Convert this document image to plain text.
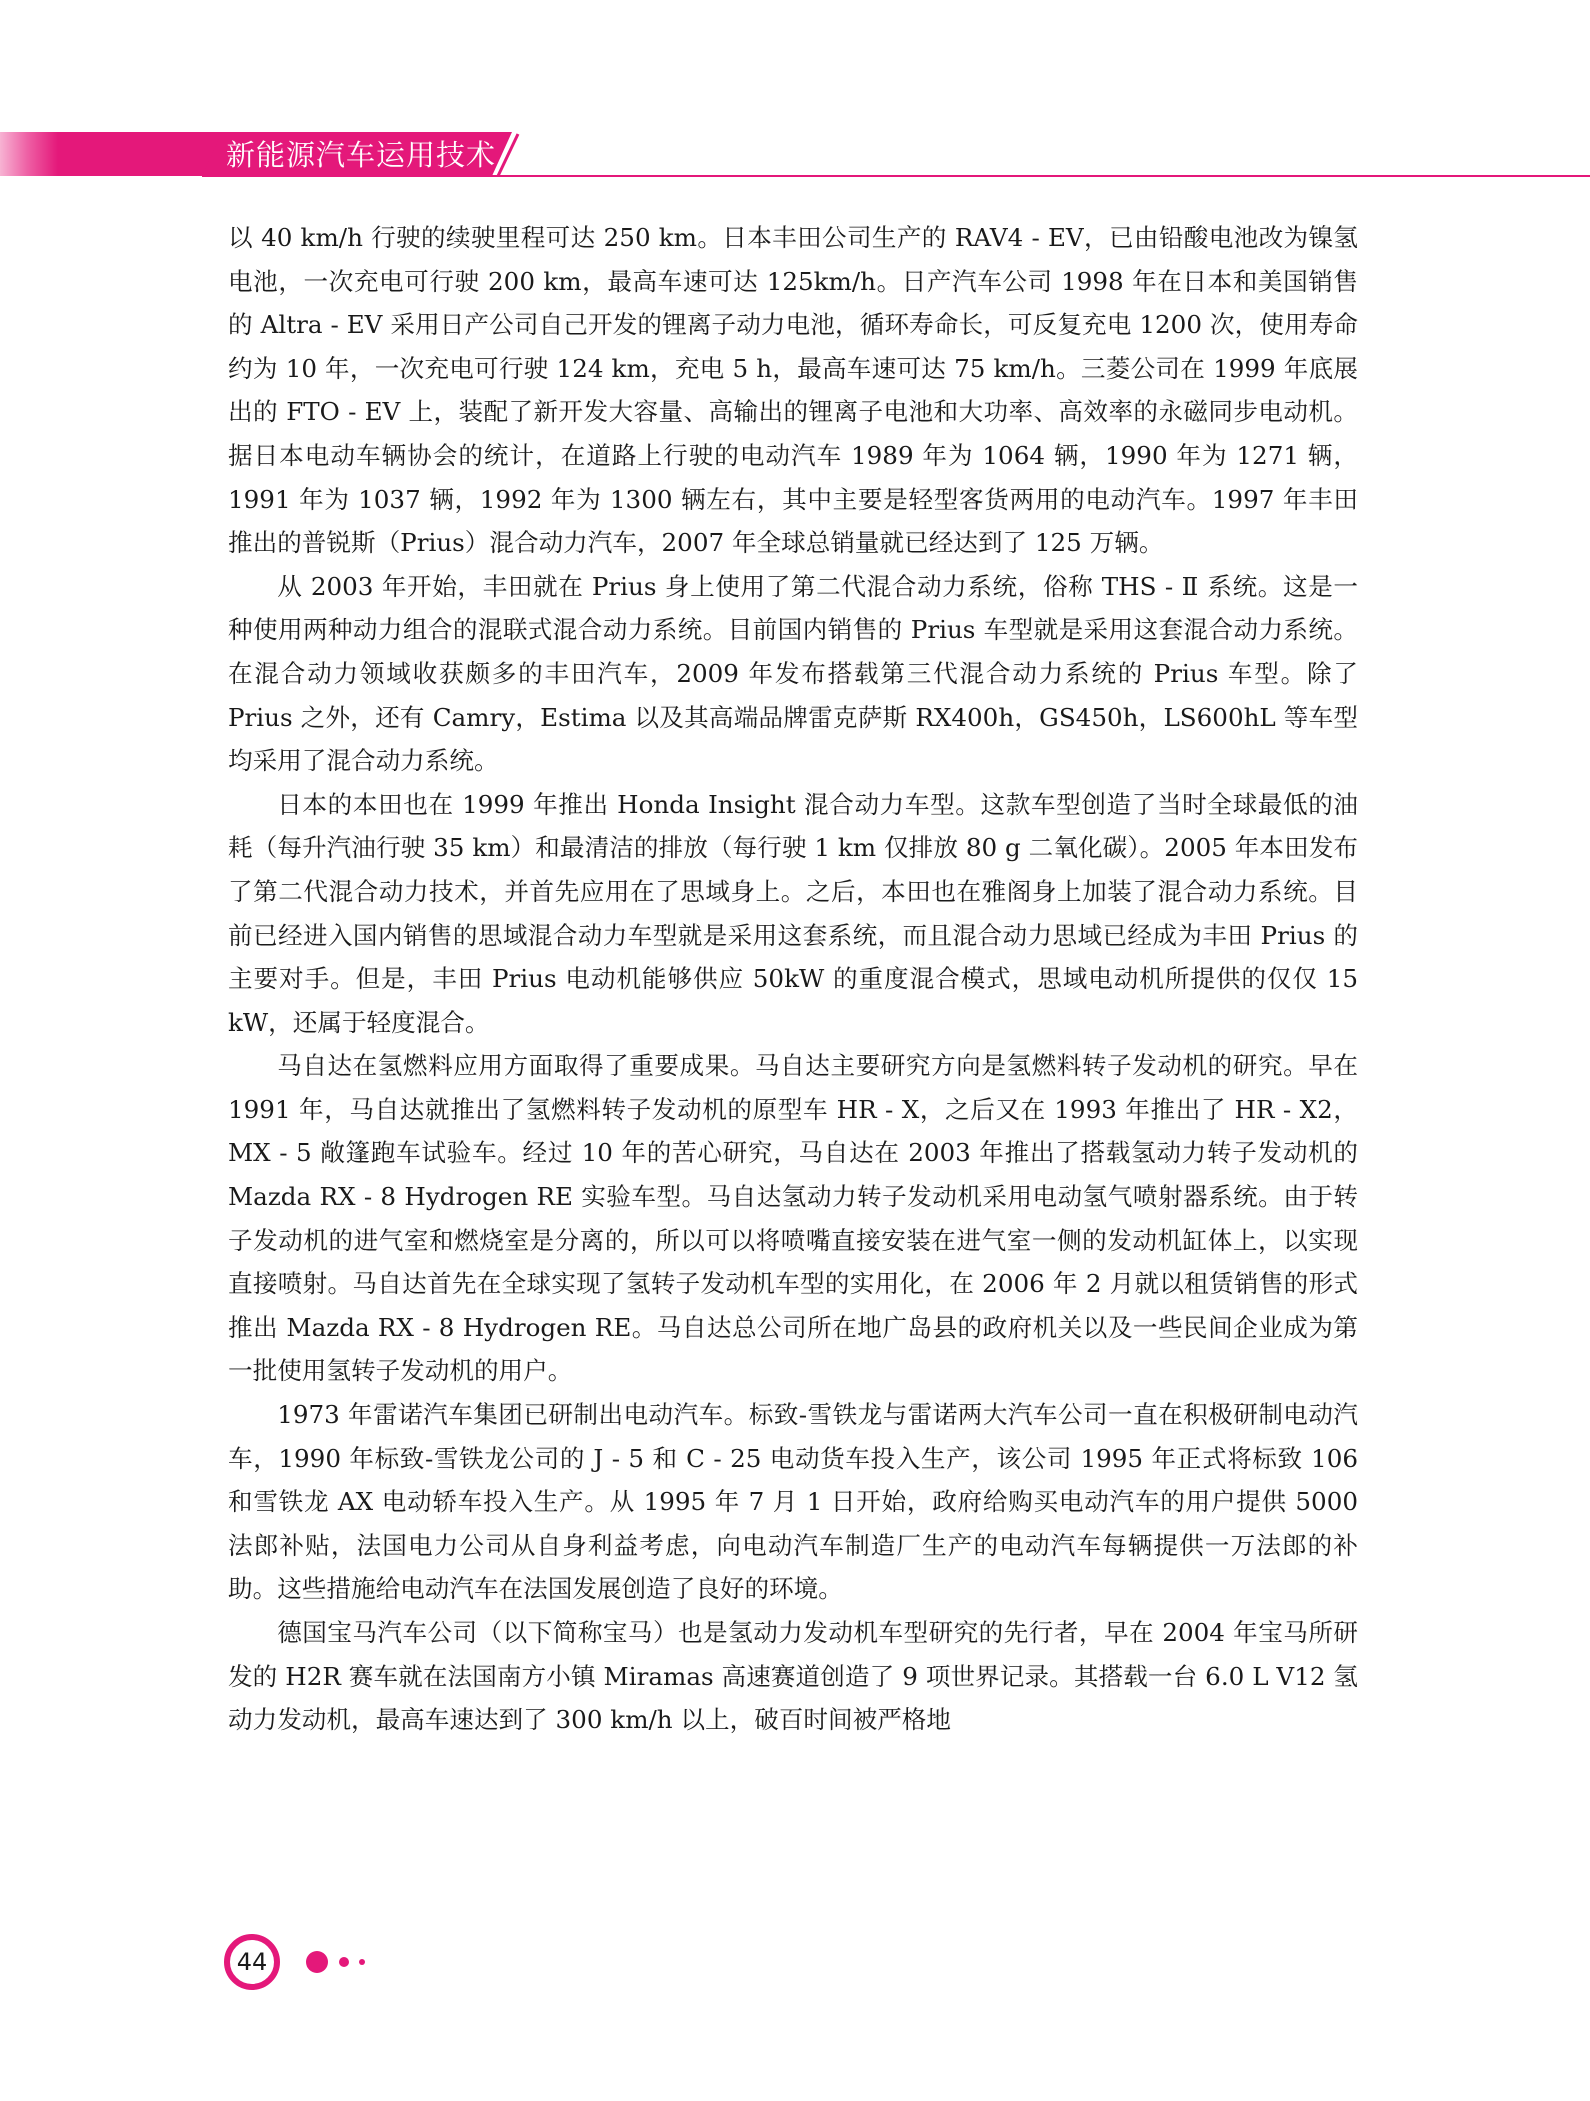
新能源汽车运用技术

以 40 km/h 行驶的续驶里程可达 250 km。日本丰田公司生产的 RAV4 - EV，已由铅酸电池改为镍氢电池，一次充电可行驶 200 km，最高车速可达 125km/h。日产汽车公司 1998 年在日本和美国销售的 Altra - EV 采用日产公司自己开发的锂离子动力电池，循环寿命长，可反复充电 1200 次，使用寿命约为 10 年，一次充电可行驶 124 km，充电 5 h，最高车速可达 75 km/h。三菱公司在 1999 年底展出的 FTO - EV 上，装配了新开发大容量、高输出的锂离子电池和大功率、高效率的永磁同步电动机。据日本电动车辆协会的统计，在道路上行驶的电动汽车 1989 年为 1064 辆，1990 年为 1271 辆，1991 年为 1037 辆，1992 年为 1300 辆左右，其中主要是轻型客货两用的电动汽车。1997 年丰田推出的普锐斯（Prius）混合动力汽车，2007 年全球总销量就已经达到了 125 万辆。

从 2003 年开始，丰田就在 Prius 身上使用了第二代混合动力系统，俗称 THS - Ⅱ 系统。这是一种使用两种动力组合的混联式混合动力系统。目前国内销售的 Prius 车型就是采用这套混合动力系统。在混合动力领域收获颇多的丰田汽车，2009 年发布搭载第三代混合动力系统的 Prius 车型。除了 Prius 之外，还有 Camry，Estima 以及其高端品牌雷克萨斯 RX400h，GS450h，LS600hL 等车型均采用了混合动力系统。

日本的本田也在 1999 年推出 Honda Insight 混合动力车型。这款车型创造了当时全球最低的油耗（每升汽油行驶 35 km）和最清洁的排放（每行驶 1 km 仅排放 80 g 二氧化碳）。2005 年本田发布了第二代混合动力技术，并首先应用在了思域身上。之后，本田也在雅阁身上加装了混合动力系统。目前已经进入国内销售的思域混合动力车型就是采用这套系统，而且混合动力思域已经成为丰田 Prius 的主要对手。但是，丰田 Prius 电动机能够供应 50kW 的重度混合模式，思域电动机所提供的仅仅 15 kW，还属于轻度混合。

马自达在氢燃料应用方面取得了重要成果。马自达主要研究方向是氢燃料转子发动机的研究。早在 1991 年，马自达就推出了氢燃料转子发动机的原型车 HR - X，之后又在 1993 年推出了 HR - X2，MX - 5 敞篷跑车试验车。经过 10 年的苦心研究，马自达在 2003 年推出了搭载氢动力转子发动机的 Mazda RX - 8 Hydrogen RE 实验车型。马自达氢动力转子发动机采用电动氢气喷射器系统。由于转子发动机的进气室和燃烧室是分离的，所以可以将喷嘴直接安装在进气室一侧的发动机缸体上，以实现直接喷射。马自达首先在全球实现了氢转子发动机车型的实用化，在 2006 年 2 月就以租赁销售的形式推出 Mazda RX - 8 Hydrogen RE。马自达总公司所在地广岛县的政府机关以及一些民间企业成为第一批使用氢转子发动机的用户。

1973 年雷诺汽车集团已研制出电动汽车。标致-雪铁龙与雷诺两大汽车公司一直在积极研制电动汽车，1990 年标致-雪铁龙公司的 J - 5 和 C - 25 电动货车投入生产，该公司 1995 年正式将标致 106 和雪铁龙 AX 电动轿车投入生产。从 1995 年 7 月 1 日开始，政府给购买电动汽车的用户提供 5000 法郎补贴，法国电力公司从自身利益考虑，向电动汽车制造厂生产的电动汽车每辆提供一万法郎的补助。这些措施给电动汽车在法国发展创造了良好的环境。

德国宝马汽车公司（以下简称宝马）也是氢动力发动机车型研究的先行者，早在 2004 年宝马所研发的 H2R 赛车就在法国南方小镇 Miramas 高速赛道创造了 9 项世界记录。其搭载一台 6.0 L V12 氢动力发动机，最高车速达到了 300 km/h 以上，破百时间被严格地

44
